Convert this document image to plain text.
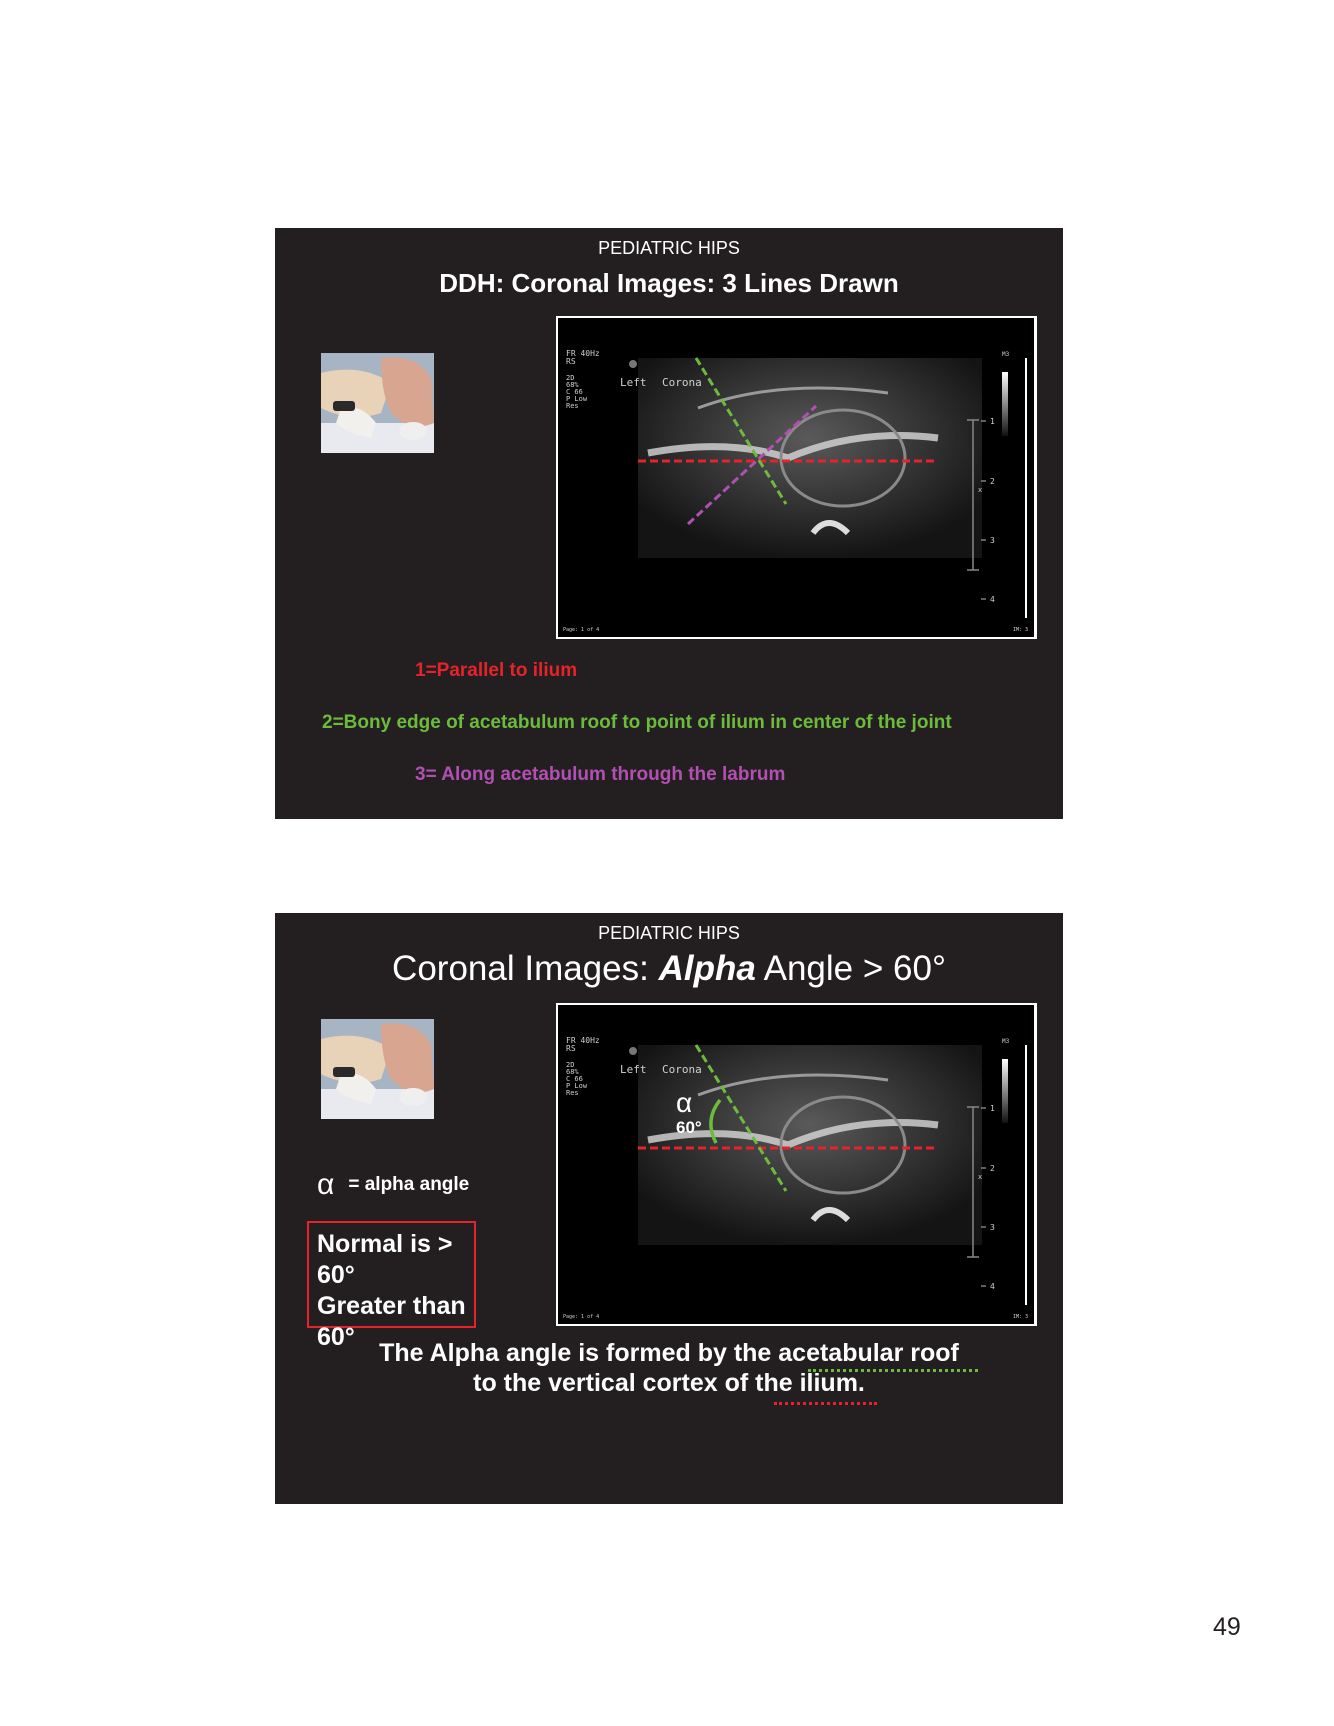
PEDIATRIC HIPS
DDH: Coronal Images: 3 Lines Drawn
FR 40Hz
RS
2D
68%
C 66
P Low
Res
Left Corona
M3
1
2
3
4
x
Page: 1 of 4	IM: 3
1=Parallel to ilium
2=Bony edge of acetabulum roof to point of ilium in center of the joint
3= Along acetabulum through the labrum
PEDIATRIC HIPS
Coronal Images: Alpha Angle > 60°
α
60°
FR 40Hz
RS
2D
68%
C 66
P Low
Res
Left Corona
M3
1
2
3
4
x
Page: 1 of 4	IM: 3
α = alpha angle
Normal is > 60°
Greater than 60°
The Alpha angle is formed by the acetabular roof
to the vertical cortex of the ilium.
49
